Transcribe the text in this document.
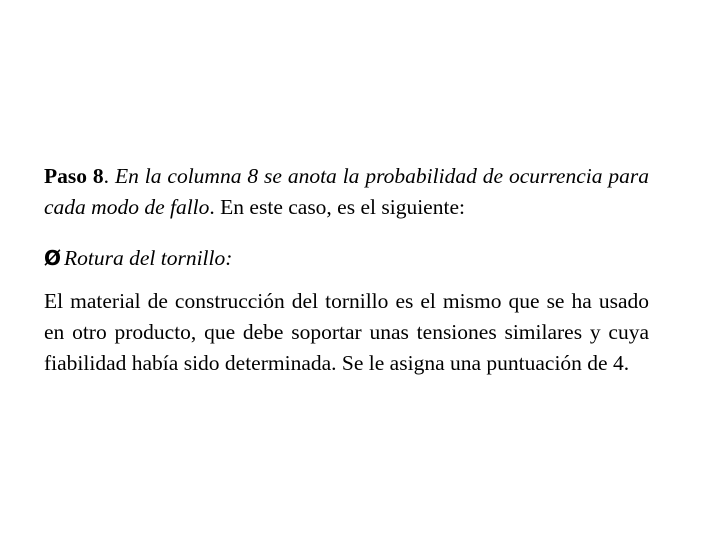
Paso 8. En la columna 8 se anota la probabilidad de ocurrencia para cada modo de fallo. En este caso, es el siguiente:

Ø Rotura del tornillo:

El material de construcción del tornillo es el mismo que se ha usado en otro producto, que debe soportar unas tensiones similares y cuya fiabilidad había sido determinada. Se le asigna una puntuación de 4.
